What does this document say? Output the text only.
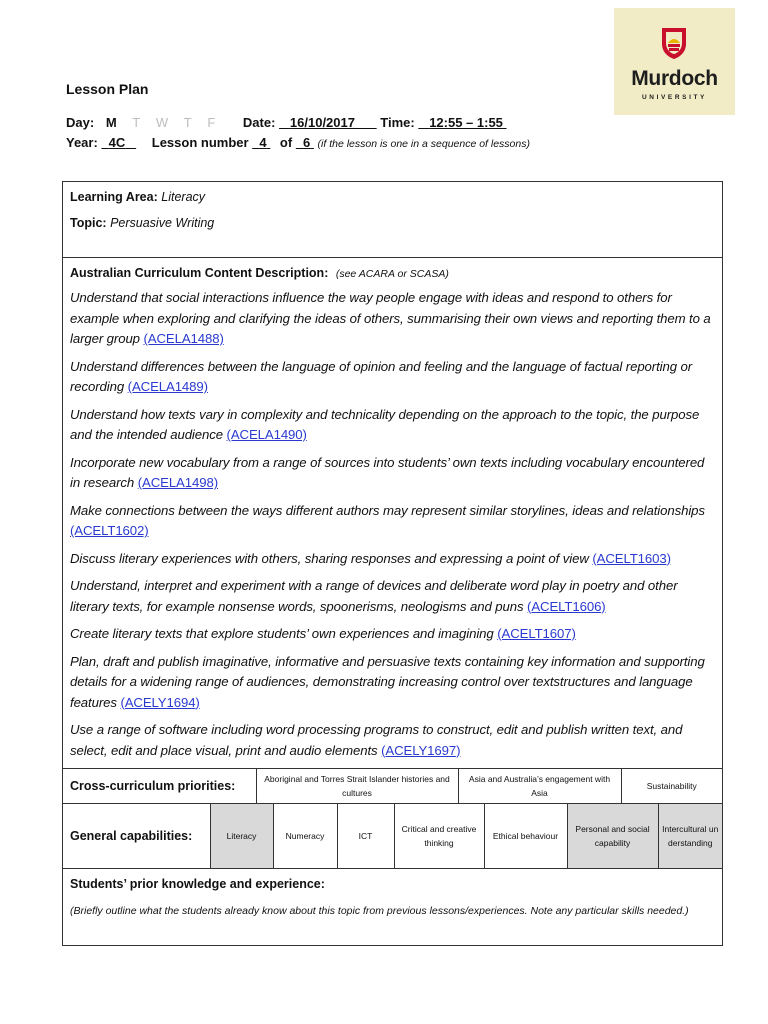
Murdoch
UNIVERSITY
Lesson Plan
Day: M T W T F Date: 16/10/2017 Time: 12:55 – 1:55
Year: 4C Lesson number 4 of 6 (if the lesson is one in a sequence of lessons)
Learning Area: Literacy
Topic: Persuasive Writing

Australian Curriculum Content Description: (see ACARA or SCASA)
Understand that social interactions influence the way people engage with ideas and respond to others for example when exploring and clarifying the ideas of others, summarising their own views and reporting them to a larger group (ACELA1488)
Understand differences between the language of opinion and feeling and the language of factual reporting or recording (ACELA1489)
Understand how texts vary in complexity and technicality depending on the approach to the topic, the purpose and the intended audience (ACELA1490)
Incorporate new vocabulary from a range of sources into students’ own texts including vocabulary encountered in research (ACELA1498)
Make connections between the ways different authors may represent similar storylines, ideas and relationships (ACELT1602)
Discuss literary experiences with others, sharing responses and expressing a point of view (ACELT1603)
Understand, interpret and experiment with a range of devices and deliberate word play in poetry and other literary texts, for example nonsense words, spoonerisms, neologisms and puns (ACELT1606)
Create literary texts that explore students’ own experiences and imagining (ACELT1607)
Plan, draft and publish imaginative, informative and persuasive texts containing key information and supporting details for a widening range of audiences, demonstrating increasing control over textstructures and language features (ACELY1694)
Use a range of software including word processing programs to construct, edit and publish written text, and select, edit and place visual, print and audio elements (ACELY1697)

Cross-curriculum priorities:	Aboriginal and Torres Strait Islander histories and cultures	Asia and Australia’s engagement with Asia	Sustainability

General capabilities:	Literacy	Numeracy	ICT	Critical and creative thinking	Ethical behaviour	Personal and social capability	Intercultural understanding

Students’ prior knowledge and experience:
(Briefly outline what the students already know about this topic from previous lessons/experiences. Note any particular skills needed.)
